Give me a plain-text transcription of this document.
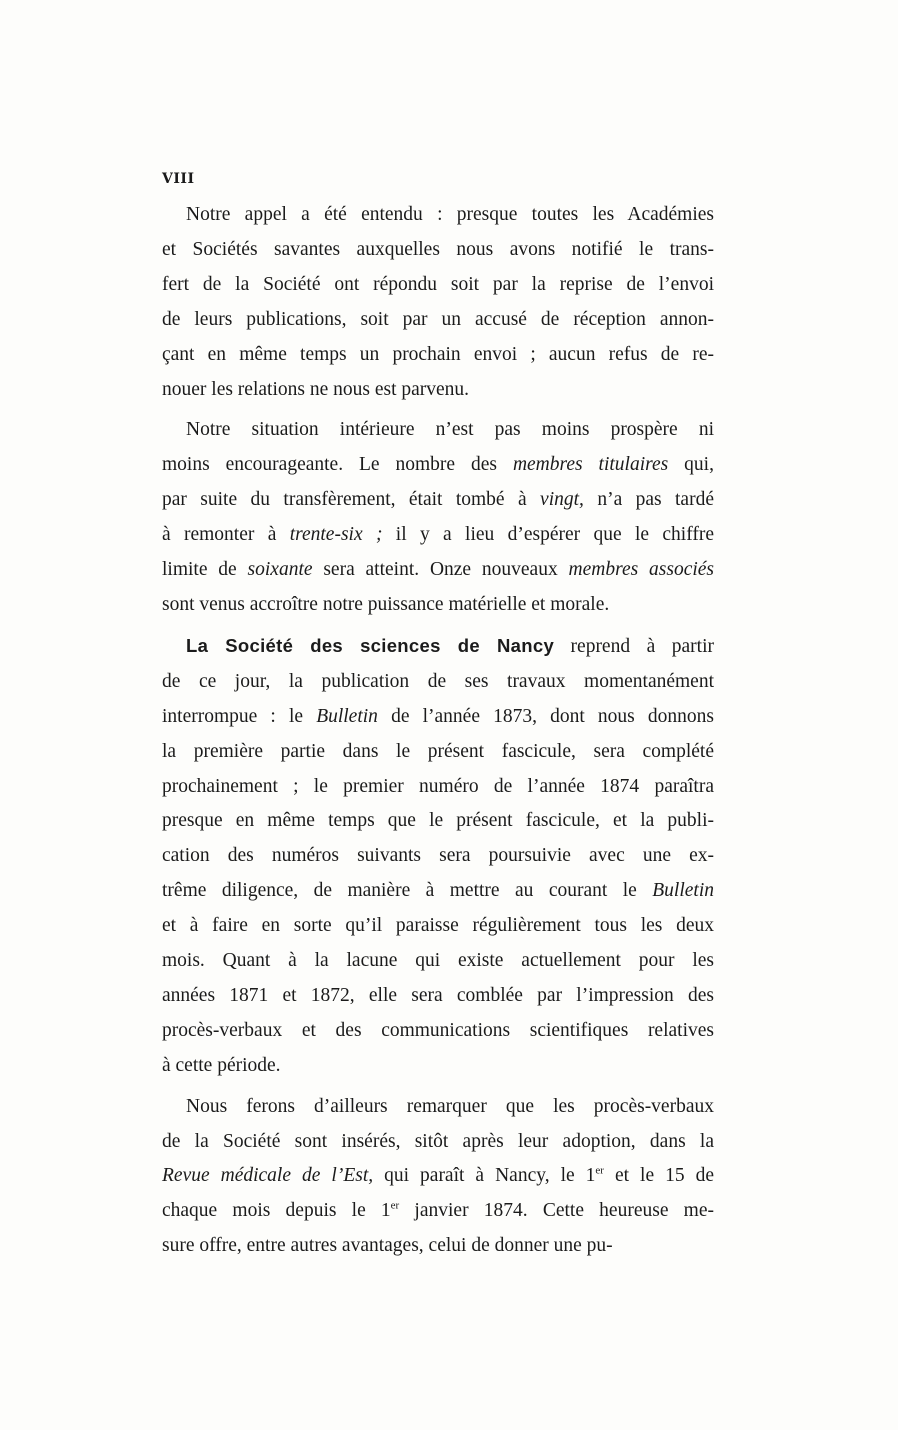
VIII
Notre appel a été entendu : presque toutes les Académies
et Sociétés savantes auxquelles nous avons notifié le trans-
fert de la Société ont répondu soit par la reprise de l’envoi
de leurs publications, soit par un accusé de réception annon-
çant en même temps un prochain envoi ; aucun refus de re-
nouer les relations ne nous est parvenu.
Notre situation intérieure n’est pas moins prospère ni
moins encourageante. Le nombre des membres titulaires qui,
par suite du transfèrement, était tombé à vingt, n’a pas tardé
à remonter à trente-six ; il y a lieu d’espérer que le chiffre
limite de soixante sera atteint. Onze nouveaux membres associés
sont venus accroître notre puissance matérielle et morale.
La Société des sciences de Nancy reprend à partir
de ce jour, la publication de ses travaux momentanément
interrompue : le Bulletin de l’année 1873, dont nous donnons
la première partie dans le présent fascicule, sera complété
prochainement ; le premier numéro de l’année 1874 paraîtra
presque en même temps que le présent fascicule, et la publi-
cation des numéros suivants sera poursuivie avec une ex-
trême diligence, de manière à mettre au courant le Bulletin
et à faire en sorte qu’il paraisse régulièrement tous les deux
mois. Quant à la lacune qui existe actuellement pour les
années 1871 et 1872, elle sera comblée par l’impression des
procès-verbaux et des communications scientifiques relatives
à cette période.
Nous ferons d’ailleurs remarquer que les procès-verbaux
de la Société sont insérés, sitôt après leur adoption, dans la
Revue médicale de l’Est, qui paraît à Nancy, le 1er et le 15 de
chaque mois depuis le 1er janvier 1874. Cette heureuse me-
sure offre, entre autres avantages, celui de donner une pu-
